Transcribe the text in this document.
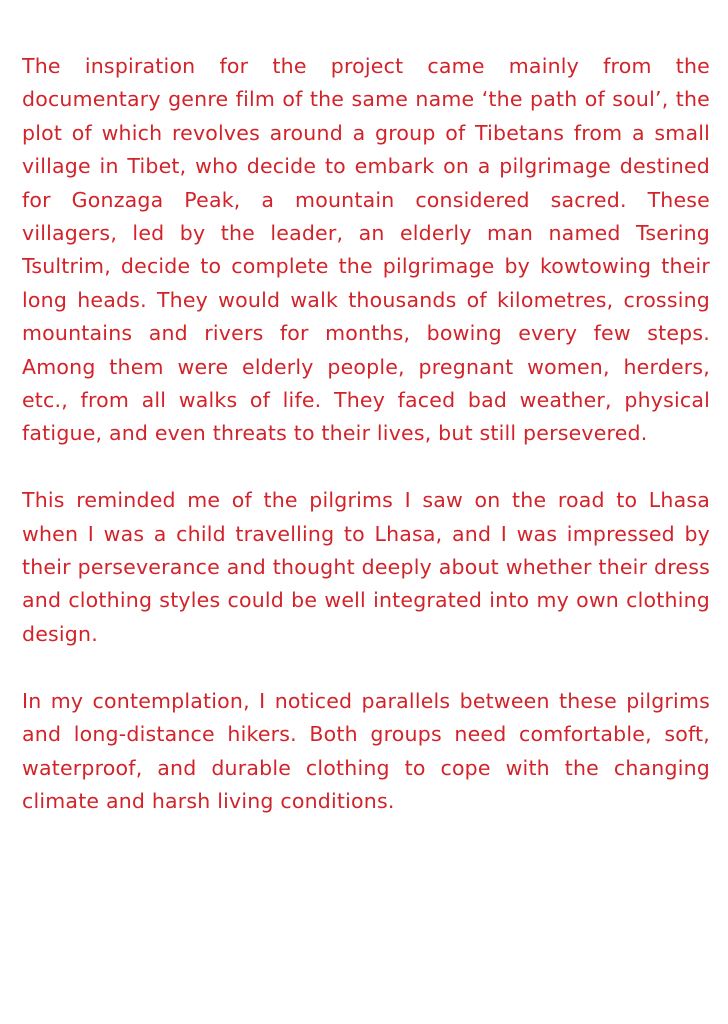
The inspiration for the project came mainly from the documentary genre film of the same name ‘the path of soul’, the plot of which revolves around a group of Tibetans from a small village in Tibet, who decide to embark on a pilgrimage destined for Gonzaga Peak, a mountain considered sacred. These villagers, led by the leader, an elderly man named Tsering Tsultrim, decide to complete the pilgrimage by kowtowing their long heads. They would walk thousands of kilometres, crossing mountains and rivers for months, bowing every few steps. Among them were elderly people, pregnant women, herders, etc., from all walks of life. They faced bad weather, physical fatigue, and even threats to their lives, but still persevered.

This reminded me of the pilgrims I saw on the road to Lhasa when I was a child travelling to Lhasa, and I was impressed by their perseverance and thought deeply about whether their dress and clothing styles could be well integrated into my own clothing design.

In my contemplation, I noticed parallels between these pilgrims and long-distance hikers. Both groups need comfortable, soft, waterproof, and durable clothing to cope with the changing climate and harsh living conditions.
